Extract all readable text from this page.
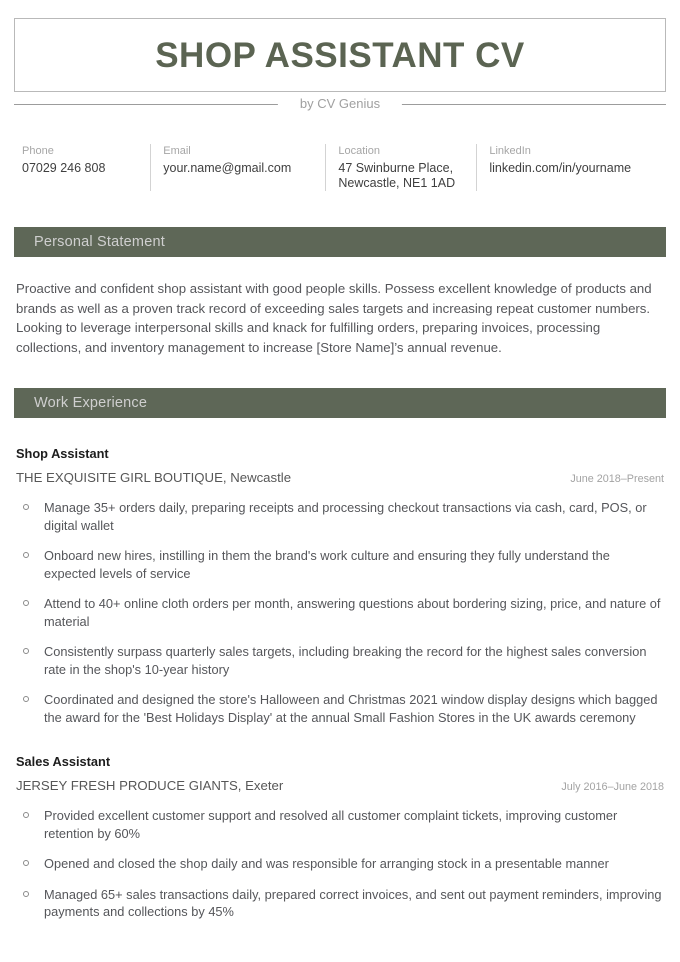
SHOP ASSISTANT CV
by CV Genius
Phone
07029 246 808
Email
your.name@gmail.com
Location
47 Swinburne Place, Newcastle, NE1 1AD
LinkedIn
linkedin.com/in/yourname
Personal Statement
Proactive and confident shop assistant with good people skills. Possess excellent knowledge of products and brands as well as a proven track record of exceeding sales targets and increasing repeat customer numbers. Looking to leverage interpersonal skills and knack for fulfilling orders, preparing invoices, processing collections, and inventory management to increase [Store Name]’s annual revenue.
Work Experience
Shop Assistant
THE EXQUISITE GIRL BOUTIQUE, Newcastle	June 2018–Present
Manage 35+ orders daily, preparing receipts and processing checkout transactions via cash, card, POS, or digital wallet
Onboard new hires, instilling in them the brand's work culture and ensuring they fully understand the expected levels of service
Attend to 40+ online cloth orders per month, answering questions about bordering sizing, price, and nature of material
Consistently surpass quarterly sales targets, including breaking the record for the highest sales conversion rate in the shop's 10-year history
Coordinated and designed the store's Halloween and Christmas 2021 window display designs which bagged the award for the 'Best Holidays Display' at the annual Small Fashion Stores in the UK awards ceremony
Sales Assistant
JERSEY FRESH PRODUCE GIANTS, Exeter	July 2016–June 2018
Provided excellent customer support and resolved all customer complaint tickets, improving customer retention by 60%
Opened and closed the shop daily and was responsible for arranging stock in a presentable manner
Managed 65+ sales transactions daily, prepared correct invoices, and sent out payment reminders, improving payments and collections by 45%
